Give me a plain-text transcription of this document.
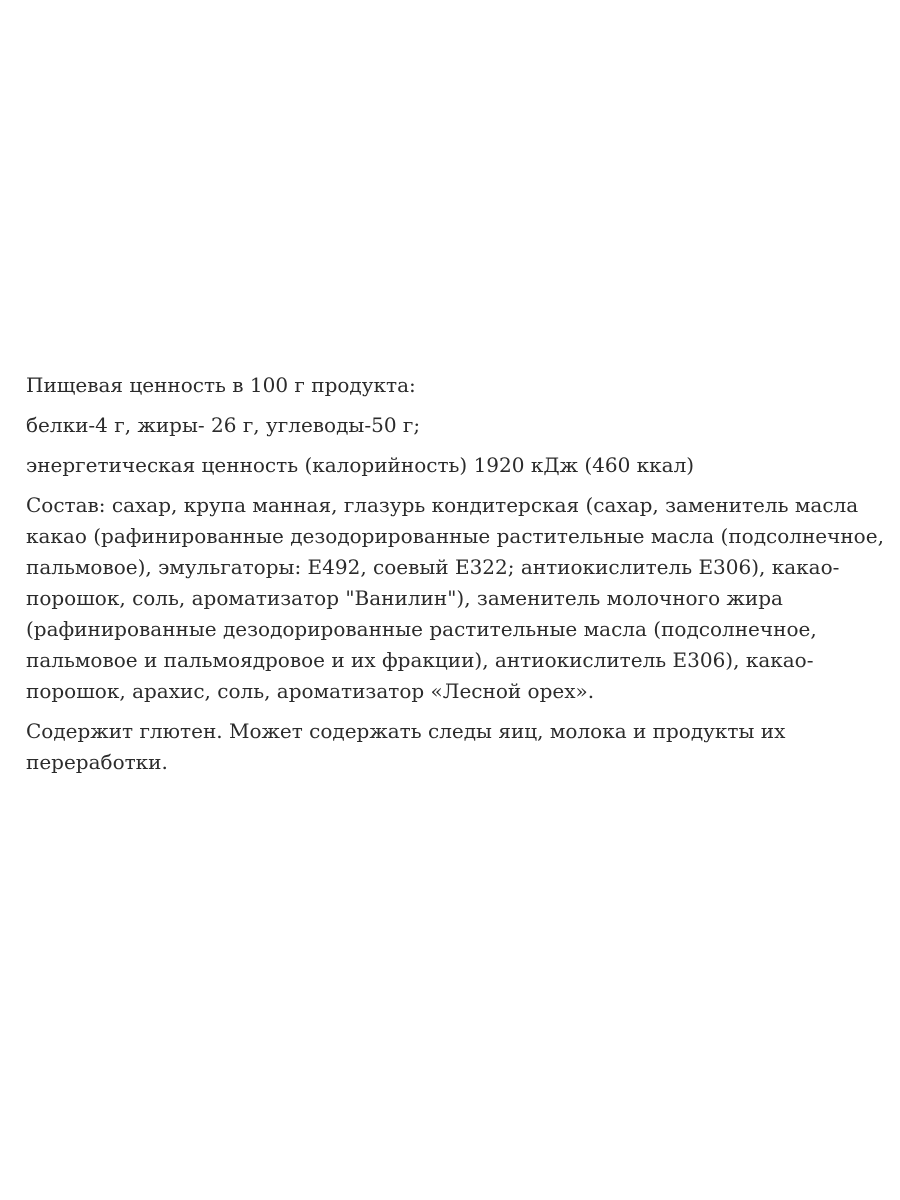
Пищевая ценность в 100 г продукта:

белки-4 г, жиры- 26 г, углеводы-50 г;

энергетическая ценность (калорийность) 1920 кДж (460 ккал)

Состав: сахар, крупа манная, глазурь кондитерская (сахар, заменитель масла

какао (рафинированные дезодорированные растительные масла (подсолнечное,

пальмовое), эмульгаторы: Е492, соевый Е322; антиокислитель Е306), какао-

порошок, соль, ароматизатор "Ванилин"), заменитель молочного жира

(рафинированные дезодорированные растительные масла (подсолнечное,

пальмовое и пальмоядровое и их фракции), антиокислитель Е306), какао-

порошок, арахис, соль, ароматизатор «Лесной орех».

Содержит глютен. Может содержать следы яиц, молока и продукты их

переработки.
